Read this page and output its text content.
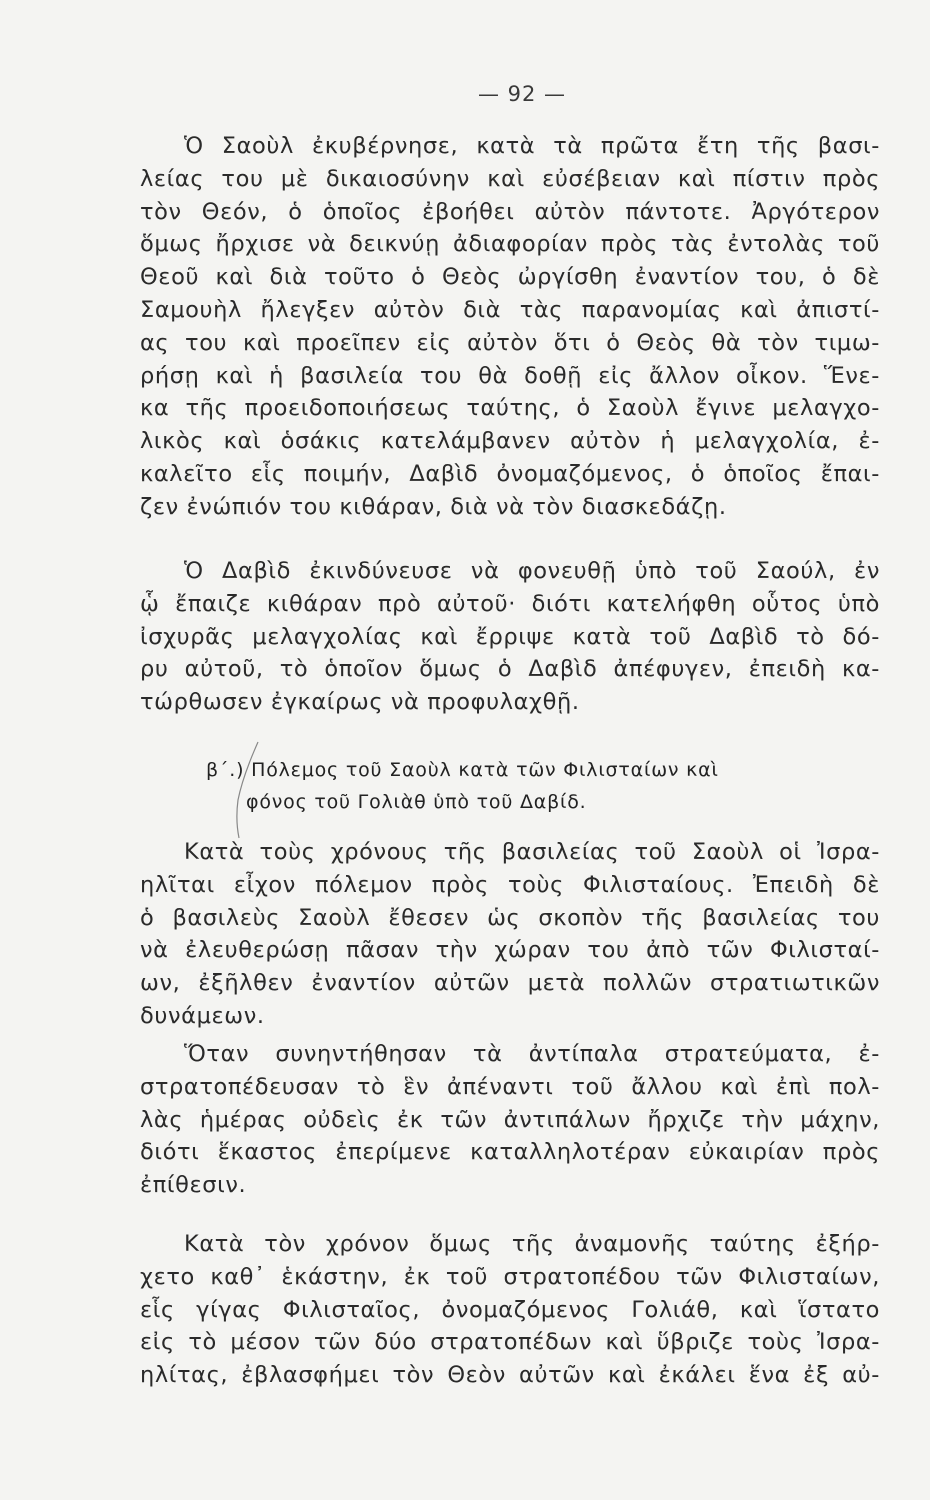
— 92 —
Ὁ Σαοὺλ ἐκυβέρνησε, κατὰ τὰ πρῶτα ἔτη τῆς βασι-
λείας του μὲ δικαιοσύνην καὶ εὐσέβειαν καὶ πίστιν πρὸς
τὸν Θεόν, ὁ ὁποῖος ἐβοήθει αὐτὸν πάντοτε. Ἀργότερον
ὅμως ἤρχισε νὰ δεικνύῃ ἀδιαφορίαν πρὸς τὰς ἐντολὰς τοῦ
Θεοῦ καὶ διὰ τοῦτο ὁ Θεὸς ὠργίσθη ἐναντίον του, ὁ δὲ
Σαμουὴλ ἤλεγξεν αὐτὸν διὰ τὰς παρανομίας καὶ ἀπιστί-
ας του καὶ προεῖπεν εἰς αὐτὸν ὅτι ὁ Θεὸς θὰ τὸν τιμω-
ρήσῃ καὶ ἡ βασιλεία του θὰ δοθῇ εἰς ἄλλον οἶκον. Ἕνε-
κα τῆς προειδοποιήσεως ταύτης, ὁ Σαοὺλ ἔγινε μελαγχο-
λικὸς καὶ ὁσάκις κατελάμβανεν αὐτὸν ἡ μελαγχολία, ἐ-
καλεῖτο εἷς ποιμήν, Δαβὶδ ὀνομαζόμενος, ὁ ὁποῖος ἔπαι-
ζεν ἐνώπιόν του κιθάραν, διὰ νὰ τὸν διασκεδάζῃ.
Ὁ Δαβὶδ ἐκινδύνευσε νὰ φονευθῇ ὑπὸ τοῦ Σαούλ, ἐν
ᾧ ἔπαιζε κιθάραν πρὸ αὐτοῦ· διότι κατελήφθη οὗτος ὑπὸ
ἰσχυρᾶς μελαγχολίας καὶ ἔρριψε κατὰ τοῦ Δαβὶδ τὸ δό-
ρυ αὐτοῦ, τὸ ὁποῖον ὅμως ὁ Δαβὶδ ἀπέφυγεν, ἐπειδὴ κα-
τώρθωσεν ἐγκαίρως νὰ προφυλαχθῇ.
β΄.) Πόλεμος τοῦ Σαοὺλ κατὰ τῶν Φιλισταίων καὶ
φόνος τοῦ Γολιὰθ ὑπὸ τοῦ Δαβίδ.
Κατὰ τοὺς χρόνους τῆς βασιλείας τοῦ Σαοὺλ οἱ Ἰσρα-
ηλῖται εἶχον πόλεμον πρὸς τοὺς Φιλισταίους. Ἐπειδὴ δὲ
ὁ βασιλεὺς Σαοὺλ ἔθεσεν ὡς σκοπὸν τῆς βασιλείας του
νὰ ἐλευθερώσῃ πᾶσαν τὴν χώραν του ἀπὸ τῶν Φιλισταί-
ων, ἐξῆλθεν ἐναντίον αὐτῶν μετὰ πολλῶν στρατιωτικῶν
δυνάμεων.
Ὅταν συνηντήθησαν τὰ ἀντίπαλα στρατεύματα, ἐ-
στρατοπέδευσαν τὸ ἓν ἀπέναντι τοῦ ἄλλου καὶ ἐπὶ πολ-
λὰς ἡμέρας οὐδεὶς ἐκ τῶν ἀντιπάλων ἤρχιζε τὴν μάχην,
διότι ἕκαστος ἐπερίμενε καταλληλοτέραν εὐκαιρίαν πρὸς
ἐπίθεσιν.
Κατὰ τὸν χρόνον ὅμως τῆς ἀναμονῆς ταύτης ἐξήρ-
χετο καθ᾽ ἑκάστην, ἐκ τοῦ στρατοπέδου τῶν Φιλισταίων,
εἷς γίγας Φιλισταῖος, ὀνομαζόμενος Γολιάθ, καὶ ἵστατο
εἰς τὸ μέσον τῶν δύο στρατοπέδων καὶ ὕβριζε τοὺς Ἰσρα-
ηλίτας, ἐβλασφήμει τὸν Θεὸν αὐτῶν καὶ ἐκάλει ἕνα ἐξ αὐ-
